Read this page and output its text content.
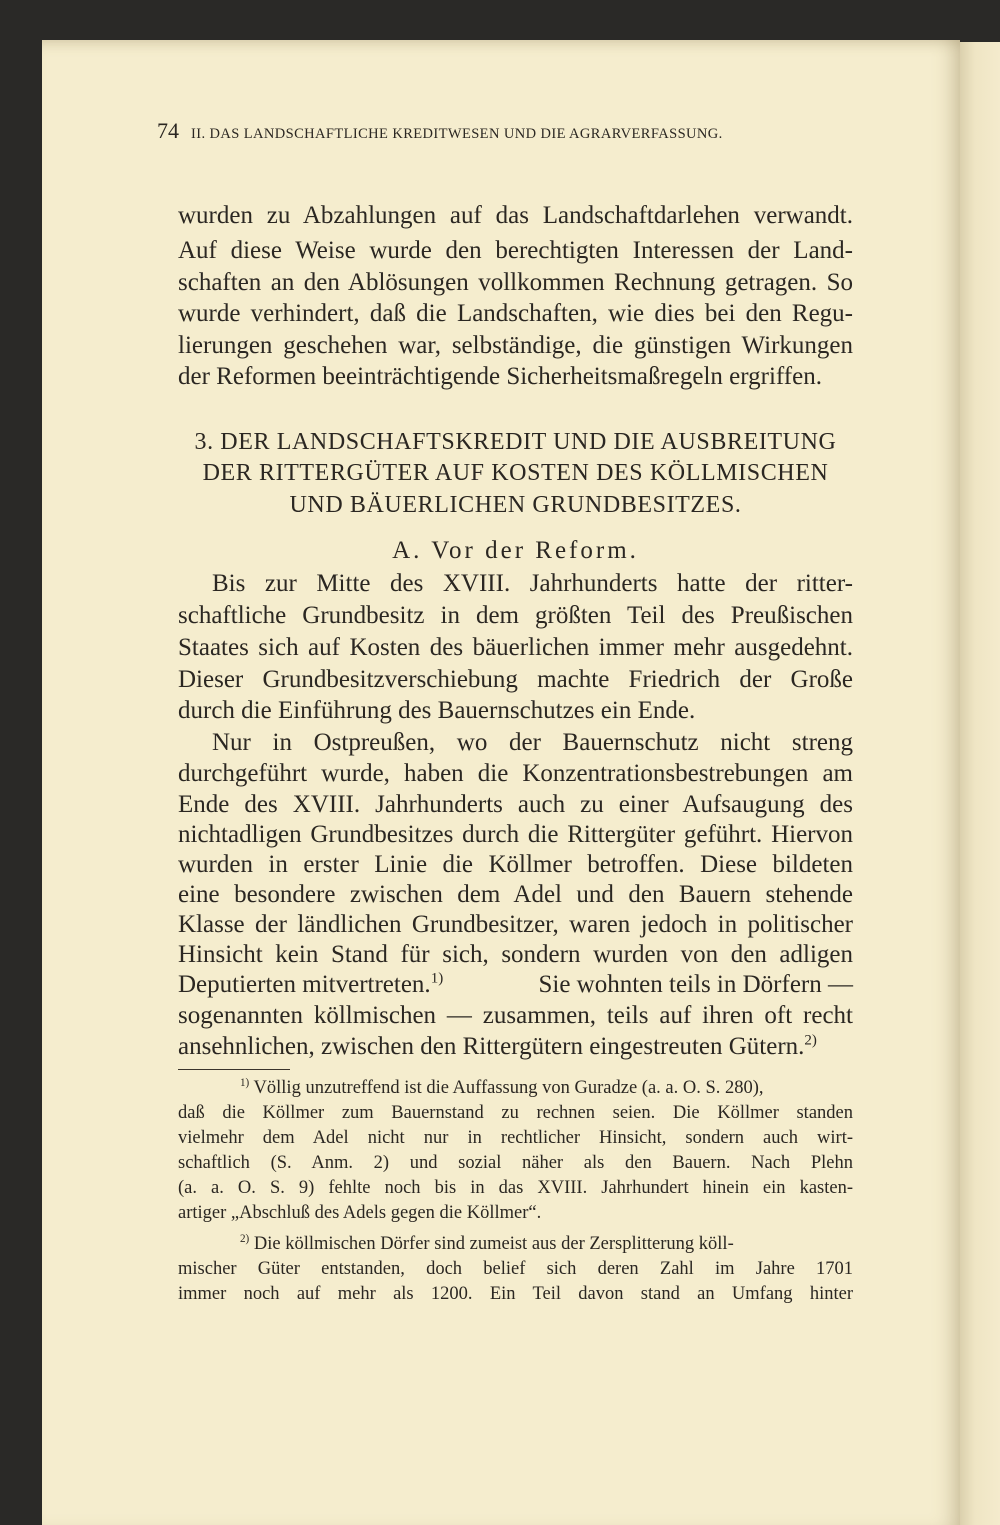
74 II. DAS LANDSCHAFTLICHE KREDITWESEN UND DIE AGRARVERFASSUNG.
wurden zu Abzahlungen auf das Landschaftdarlehen verwandt.
Auf diese Weise wurde den berechtigten Interessen der Land-
schaften an den Ablösungen vollkommen Rechnung getragen. So
wurde verhindert, daß die Landschaften, wie dies bei den Regu-
lierungen geschehen war, selbständige, die günstigen Wirkungen
der Reformen beeinträchtigende Sicherheitsmaßregeln ergriffen.
3. DER LANDSCHAFTSKREDIT UND DIE AUSBREITUNG
DER RITTERGÜTER AUF KOSTEN DES KÖLLMISCHEN
UND BÄUERLICHEN GRUNDBESITZES.
A. Vor der Reform.
Bis zur Mitte des XVIII. Jahrhunderts hatte der ritter-
schaftliche Grundbesitz in dem größten Teil des Preußischen
Staates sich auf Kosten des bäuerlichen immer mehr ausgedehnt.
Dieser Grundbesitzverschiebung machte Friedrich der Große
durch die Einführung des Bauernschutzes ein Ende.
Nur in Ostpreußen, wo der Bauernschutz nicht streng
durchgeführt wurde, haben die Konzentrationsbestrebungen am
Ende des XVIII. Jahrhunderts auch zu einer Aufsaugung des
nichtadligen Grundbesitzes durch die Rittergüter geführt. Hiervon
wurden in erster Linie die Köllmer betroffen. Diese bildeten
eine besondere zwischen dem Adel und den Bauern stehende
Klasse der ländlichen Grundbesitzer, waren jedoch in politischer
Hinsicht kein Stand für sich, sondern wurden von den adligen
Deputierten mitvertreten.$^{1)}$	Sie wohnten teils in Dörfern —
sogenannten köllmischen — zusammen, teils auf ihren oft recht
ansehnlichen, zwischen den Rittergütern eingestreuten Gütern.$^{2)}$
$^{1)}$ Völlig unzutreffend ist die Auffassung von Guradze (a. a. O. S. 280),
daß die Köllmer zum Bauernstand zu rechnen seien. Die Köllmer standen
vielmehr dem Adel nicht nur in rechtlicher Hinsicht, sondern auch wirt-
schaftlich (S. Anm. 2) und sozial näher als den Bauern. Nach Plehn
(a. a. O. S. 9) fehlte noch bis in das XVIII. Jahrhundert hinein ein kasten-
artiger „Abschluß des Adels gegen die Köllmer“.
$^{2)}$ Die köllmischen Dörfer sind zumeist aus der Zersplitterung köll-
mischer Güter entstanden, doch belief sich deren Zahl im Jahre 1701
immer noch auf mehr als 1200. Ein Teil davon stand an Umfang hinter
